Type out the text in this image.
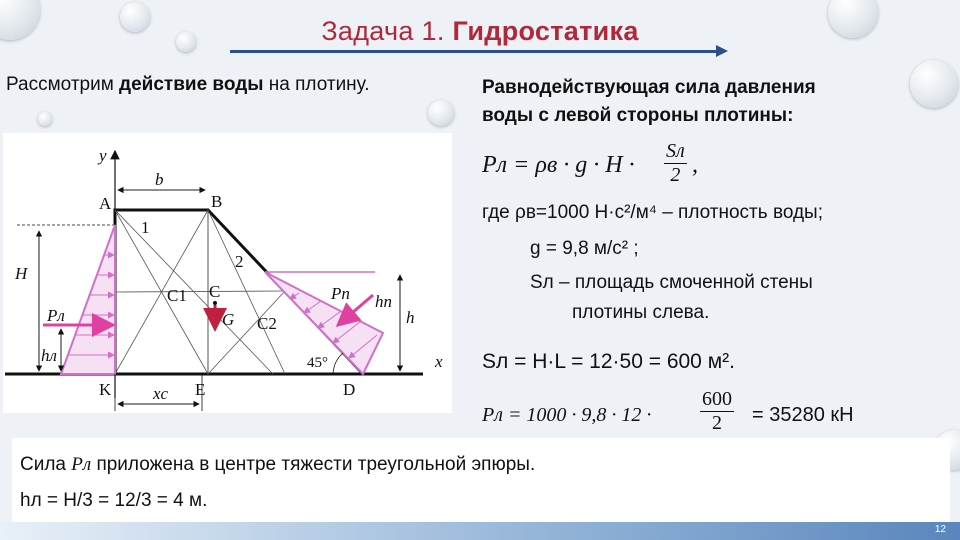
Задача 1. Гидростатика
Рассмотрим действие воды на плотину.	Равнодействующая сила давления
воды с левой стороны плотины:
y
x
b
A	B
1
2
H
C1 C
C2
G
Pл
Pп
hл
hп
h
K	E	D
xc
45°
Pл = ρв · g · H ·
Sл
2 ,
где ρв=1000 Н·с²/м⁴ – плотность воды;
g = 9,8 м/с² ;
Sл – площадь смоченной стены
плотины слева.
Sл = H·L = 12·50 = 600 м².
Pл = $1000 \cdot 9,8 \cdot 12 \cdot \frac{600}{2} = 35280$ кН
Сила Pл приложена в центре тяжести треугольной эпюры.
hл = H/3 = 12/3 = 4 м.
12
